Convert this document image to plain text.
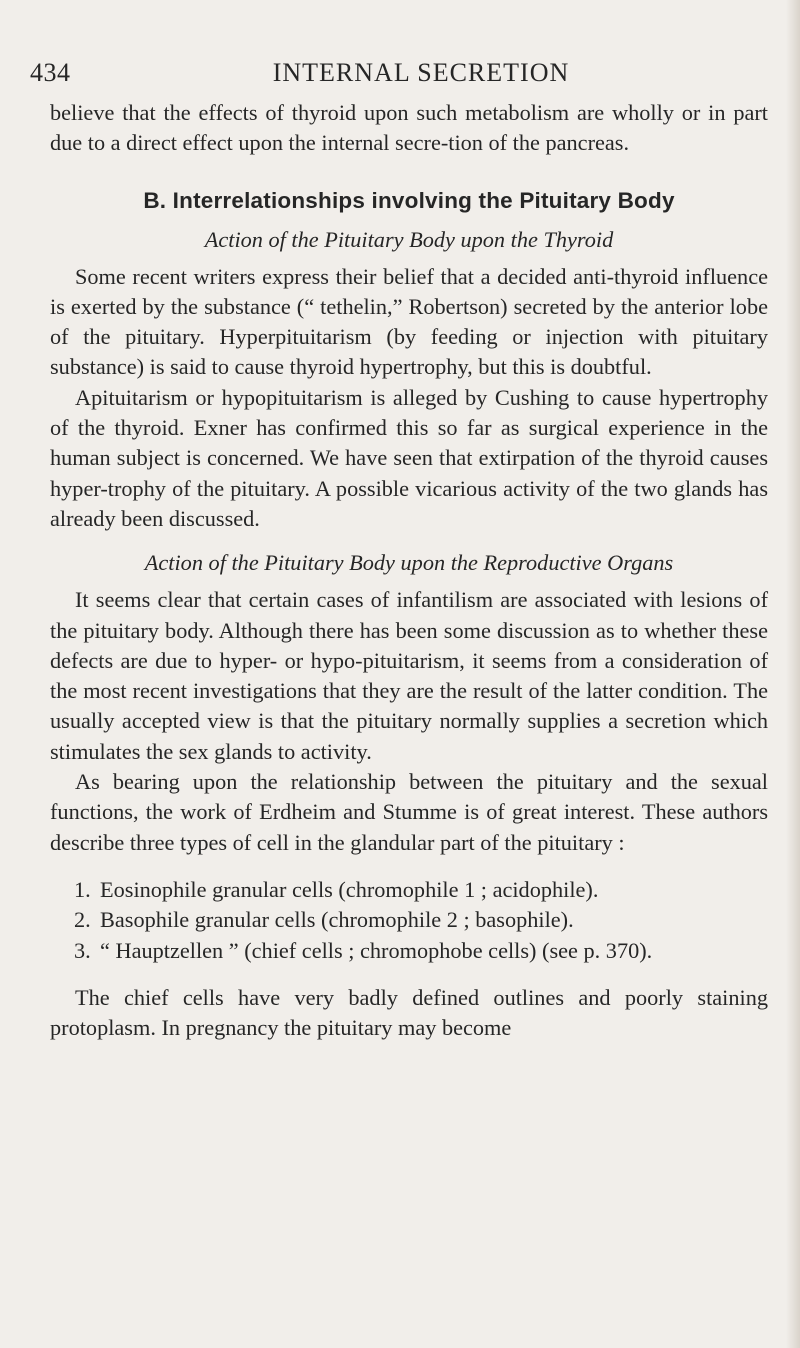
434	INTERNAL SECRETION

believe that the effects of thyroid upon such metabolism are wholly or in part due to a direct effect upon the internal secre-tion of the pancreas.

B. Interrelationships involving the Pituitary Body
Action of the Pituitary Body upon the Thyroid

Some recent writers express their belief that a decided anti-thyroid influence is exerted by the substance (“ tethelin,” Robertson) secreted by the anterior lobe of the pituitary. Hyperpituitarism (by feeding or injection with pituitary substance) is said to cause thyroid hypertrophy, but this is doubtful.

Apituitarism or hypopituitarism is alleged by Cushing to cause hypertrophy of the thyroid. Exner has confirmed this so far as surgical experience in the human subject is concerned. We have seen that extirpation of the thyroid causes hyper-trophy of the pituitary. A possible vicarious activity of the two glands has already been discussed.

Action of the Pituitary Body upon the Reproductive Organs

It seems clear that certain cases of infantilism are associated with lesions of the pituitary body. Although there has been some discussion as to whether these defects are due to hyper- or hypo-pituitarism, it seems from a consideration of the most recent investigations that they are the result of the latter condition. The usually accepted view is that the pituitary normally supplies a secretion which stimulates the sex glands to activity.

As bearing upon the relationship between the pituitary and the sexual functions, the work of Erdheim and Stumme is of great interest. These authors describe three types of cell in the glandular part of the pituitary :

1. Eosinophile granular cells (chromophile 1 ; acidophile).
2. Basophile granular cells (chromophile 2 ; basophile).
3. “ Hauptzellen ” (chief cells ; chromophobe cells) (see p. 370).

The chief cells have very badly defined outlines and poorly staining protoplasm. In pregnancy the pituitary may become
